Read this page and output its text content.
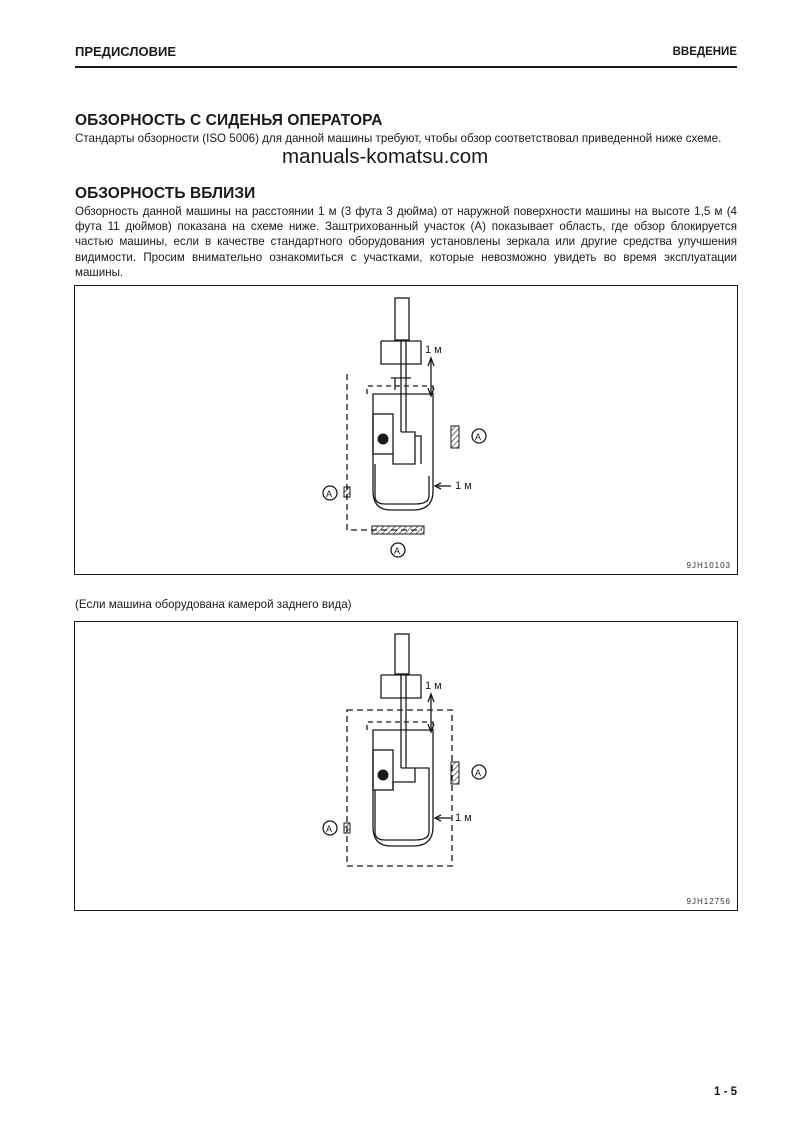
ПРЕДИСЛОВИЕ	ВВЕДЕНИЕ
ОБЗОРНОСТЬ С СИДЕНЬЯ ОПЕРАТОРА

Стандарты обзорности (ISO 5006) для данной машины требуют, чтобы обзор соответствовал приведенной ниже схеме.

manuals-komatsu.com
ОБЗОРНОСТЬ ВБЛИЗИ

Обзорность данной машины на расстоянии 1 м (3 фута 3 дюйма) от наружной поверхности машины на высоте 1,5 м (4 фута 11 дюймов) показана на схеме ниже. Заштрихованный участок (A) показывает область, где обзор блокируется частью машины, если в качестве стандартного оборудования установлены зеркала или другие средства улучшения видимости. Просим внимательно ознакомиться с участками, которые невозможно увидеть во время эксплуатации машины.

1 м
1 м
A
A
A
9JH10103
(Если машина оборудована камерой заднего вида)
1 м
1 м
A
A
9JH12756
1 - 5
